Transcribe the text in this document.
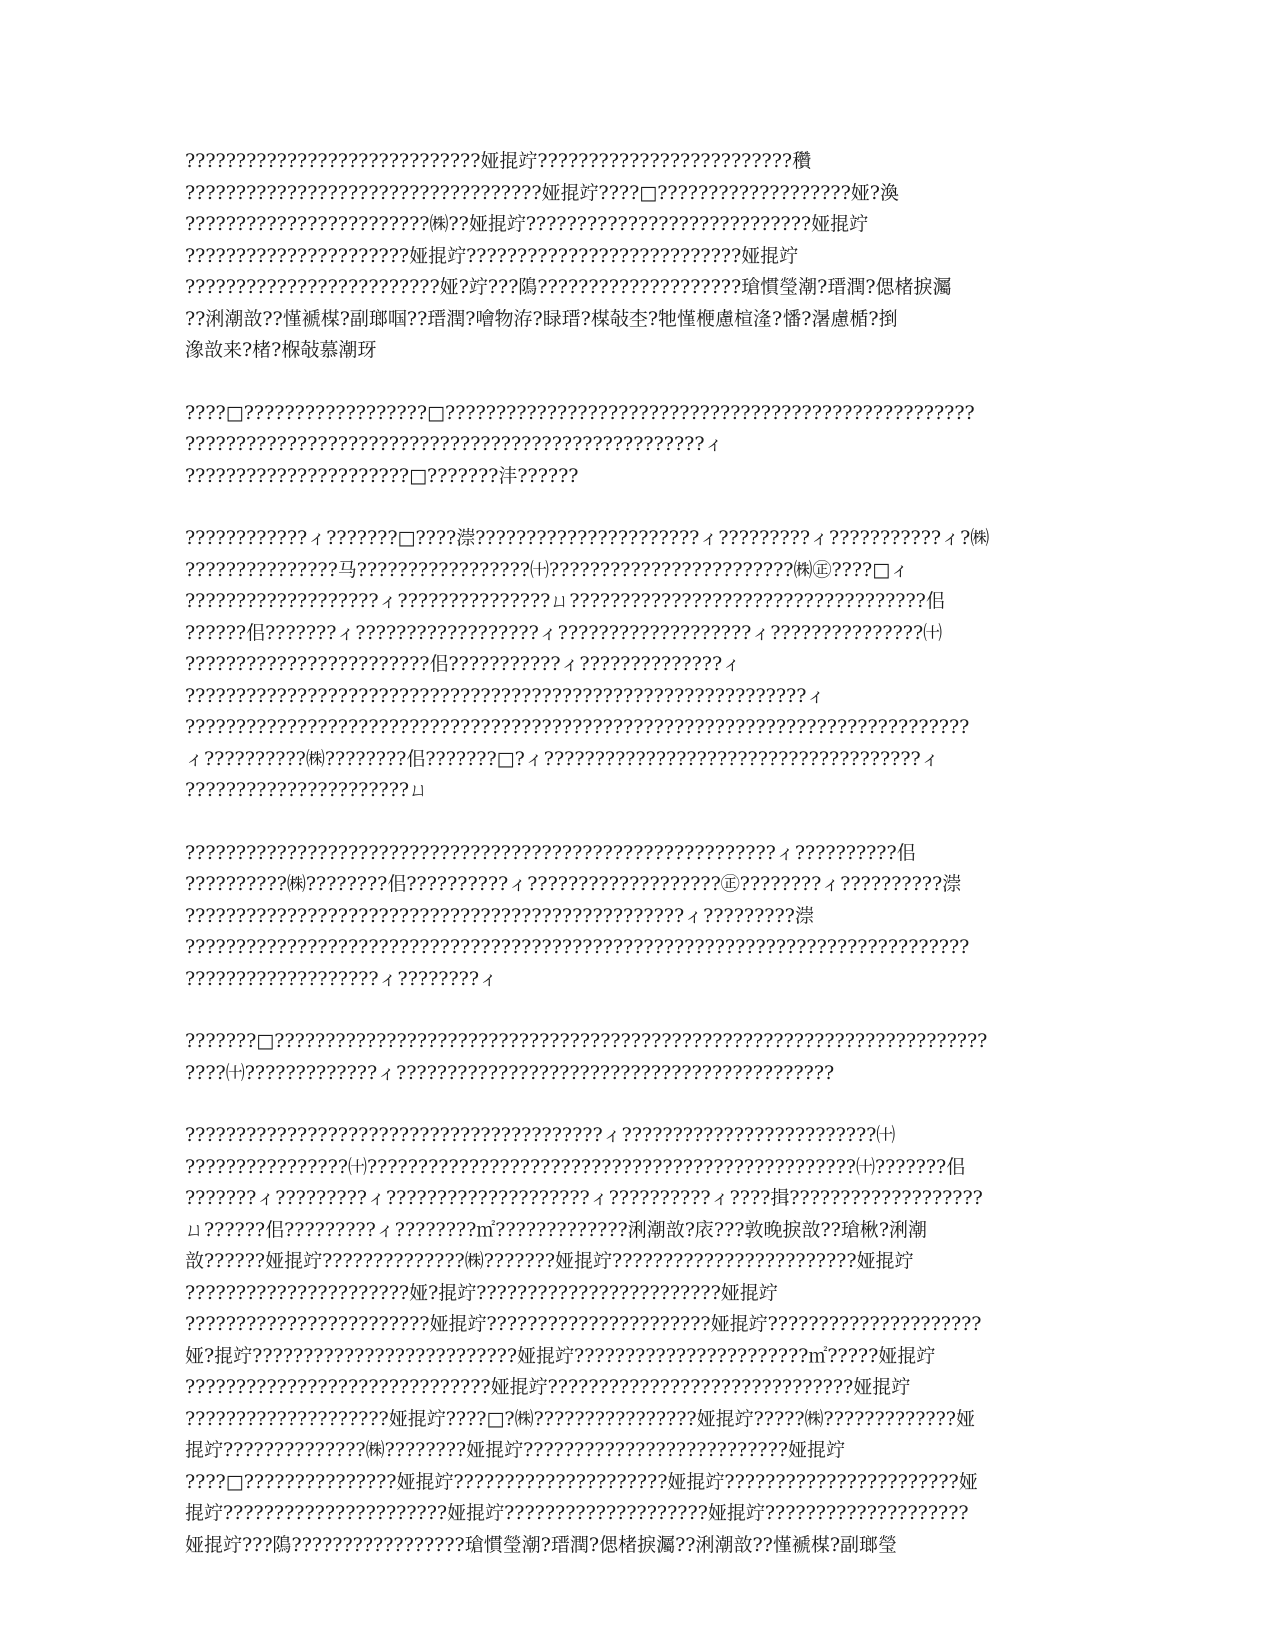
?????????????????????????????娅掍竚?????????????????????????穳
???????????????????????????????????娅掍竚????□???????????????????娅?渙
????????????????????????㈱??娅掍竚????????????????????????????娅掍竚
??????????????????????娅掍竚???????????????????????????娅掍竚
?????????????????????????娅?竚???隝????????????????????瑲慣瑩潮?瑨潤?偲楮捩灟
??浰潮敨??慬褫楳?副瑯啯??瑨潤?噲物洊?睩瑨?楳敧杢?牠慬楩慮楦湰?憣?濐慮楯?捯
潒敨来?楮?椺敧慕潮玡
????□??????????????????□????????????????????????????????????????????????????
???????????????????????????????????????????????????ィ
??????????????????????□???????沣??????
????????????ィ???????□????漴??????????????????????ィ?????????ィ???????????ィ?㈱
???????????????马?????????????????㈩????????????????????????㈱㊣????□ィ
???????????????????ィ???????????????ㄩ???????????????????????????????????佀
??????佀???????ィ??????????????????ィ???????????????????ィ???????????????㈩
????????????????????????佀???????????ィ??????????????ィ
?????????????????????????????????????????????????????????????ィ
?????????????????????????????????????????????????????????????????????????????
ィ??????????㈱????????佀???????□?ィ?????????????????????????????????????ィ
??????????????????????ㄩ
??????????????????????????????????????????????????????????ィ??????????佀
??????????㈱????????佀??????????ィ???????????????????㊣????????ィ??????????漴
?????????????????????????????????????????????????ィ?????????漴
?????????????????????????????????????????????????????????????????????????????
???????????????????ィ????????ィ
???????□??????????????????????????????????????????????????????????????????????
????㈩?????????????ィ???????????????????????????????????????????
?????????????????????????????????????????ィ?????????????????????????㈩
????????????????㈩????????????????????????????????????????????????㈩???????佀
???????ィ?????????ィ????????????????????ィ??????????ィ????揖???????????????????
ㄩ??????佀?????????ィ????????㎡?????????????浰潮敨?庡???敦晚捩敨??瑲楸?浰潮
敨??????娅掍竚??????????????㈱???????娅掍竚????????????????????????娅掍竚
??????????????????????娅?掍竚????????????????????????娅掍竚
????????????????????????娅掍竚??????????????????????娅掍竚?????????????????????
娅?掍竚??????????????????????????娅掍竚???????????????????????㎡?????娅掍竚
??????????????????????????????娅掍竚??????????????????????????????娅掍竚
????????????????????娅掍竚????□?㈱????????????????娅掍竚?????㈱?????????????娅
掍竚??????????????㈱????????娅掍竚??????????????????????????娅掍竚
????□???????????????娅掍竚?????????????????????娅掍竚???????????????????????娅
掍竚??????????????????????娅掍竚????????????????????娅掍竚????????????????????
娅掍竚???隝?????????????????瑲慣瑩潮?瑨潤?偲楮捩灟??浰潮敨??慬褫楳?副瑯瑩
